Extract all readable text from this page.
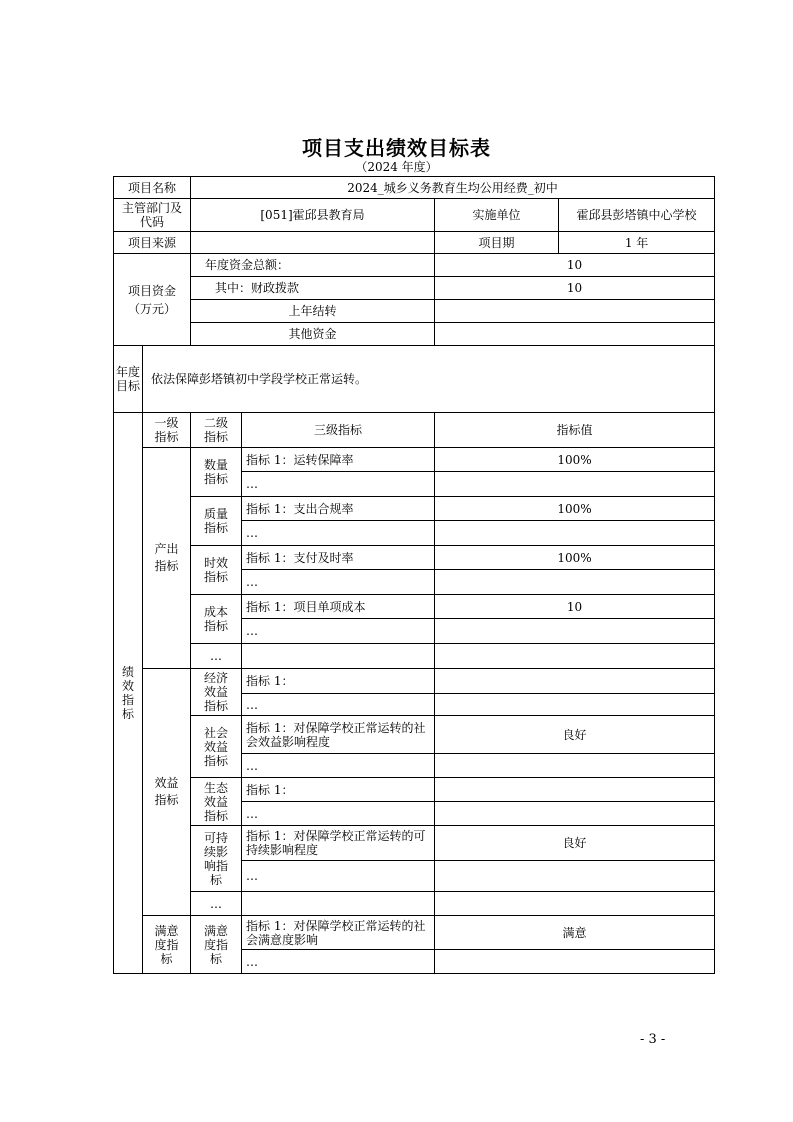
项目支出绩效目标表
（2024 年度）
项目名称		2024_城乡义务教育生均公用经费_初中			
主管部门及代码		[051]霍邱县教育局		实施单位	霍邱县彭塔镇中心学校
项目来源				项目期	1 年
项目资金（万元）		年度资金总额：		10	
		其中：财政拨款		10	
		上年结转			
		其他资金			
年度目标	依法保障彭塔镇初中学段学校正常运转。				
绩效指标	一级指标	二级指标	三级指标	指标值	
	产出指标	数量指标	指标 1：运转保障率	100%	
			…		
		质量指标	指标 1：支出合规率	100%	
			…		
		时效指标	指标 1：支付及时率	100%	
			…		
		成本指标	指标 1：项目单项成本	10	
			…		
		…			
	效益指标	经济效益指标	指标 1：		
			…		
		社会效益指标	指标 1：对保障学校正常运转的社会效益影响程度	良好	
			…		
		生态效益指标	指标 1：		
			…		
		可持续影响指标	指标 1：对保障学校正常运转的可持续影响程度	良好	
			…		
		…			
	满意度指标	满意度指标	指标 1：对保障学校正常运转的社会满意度影响	满意	
			…		
- 3 -
